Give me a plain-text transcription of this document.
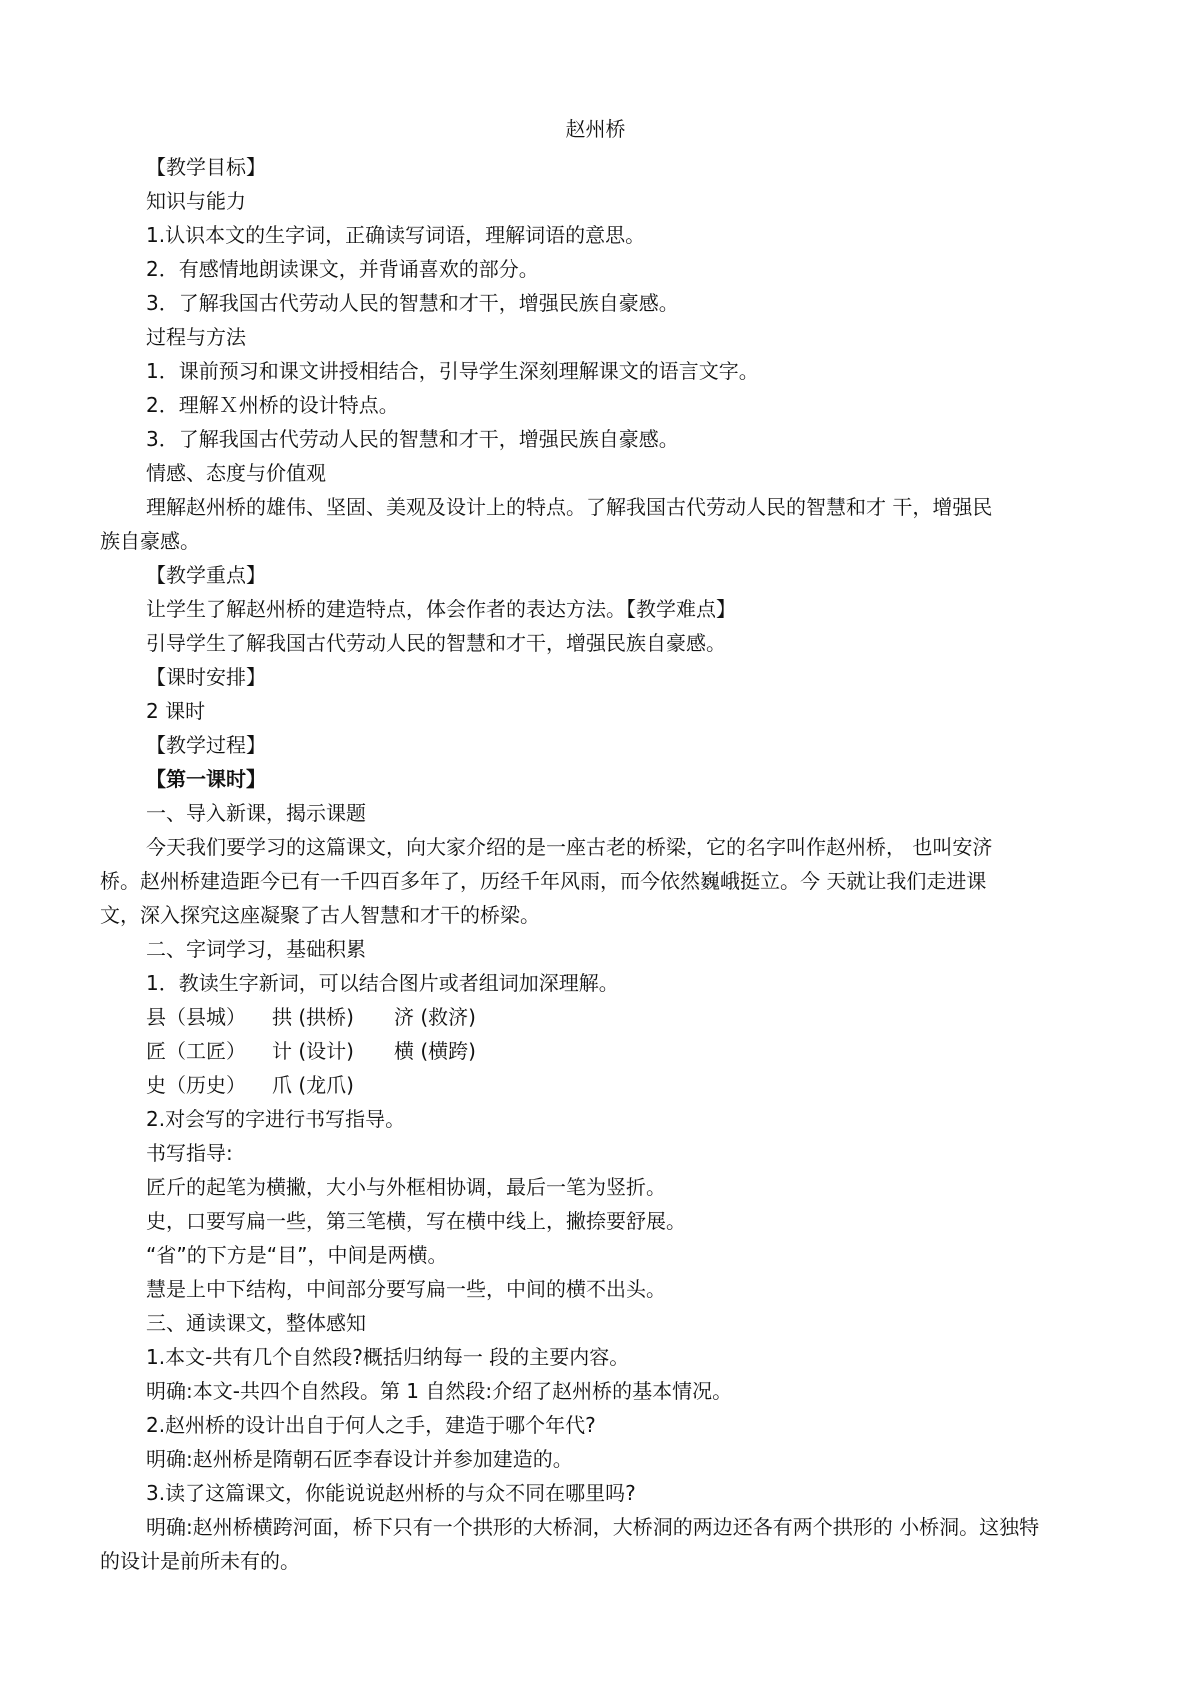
赵州桥
【教学目标】
知识与能力
1.认识本文的生字词，正确读写词语，理解词语的意思。
2．有感情地朗读课文，并背诵喜欢的部分。
3．了解我国古代劳动人民的智慧和才干，增强民族自豪感。
过程与方法
1．课前预习和课文讲授相结合，引导学生深刻理解课文的语言文字。
2．理解Ｘ州桥的设计特点。
3．了解我国古代劳动人民的智慧和才干，增强民族自豪感。
情感、态度与价值观
理解赵州桥的雄伟、坚固、美观及设计上的特点。了解我国古代劳动人民的智慧和才 干，增强民
族自豪感。
【教学重点】
让学生了解赵州桥的建造特点，体会作者的表达方法。【教学难点】
引导学生了解我国古代劳动人民的智慧和才干，增强民族自豪感。
【课时安排】
2 课时
【教学过程】
【第一课时】
一、导入新课，揭示课题
今天我们要学习的这篇课文，向大家介绍的是一座古老的桥梁，它的名字叫作赵州桥， 也叫安济
桥。赵州桥建造距今已有一千四百多年了，历经千年风雨，而今依然巍峨挺立。今 天就让我们走进课
文，深入探究这座凝聚了古人智慧和才干的桥梁。
二、字词学习，基础积累
1．教读生字新词，可以结合图片或者组词加深理解。
县（县城）	拱 (拱桥)	济 (救济)
匠（工匠）	计 (设计)	横 (横跨)
史（历史）	爪 (龙爪)
2.对会写的字进行书写指导。
书写指导:
匠斤的起笔为横撇，大小与外框相协调，最后一笔为竖折。
史，口要写扁一些，第三笔横，写在横中线上，撇捺要舒展。
“省”的下方是“目”，中间是两横。
慧是上中下结构，中间部分要写扁一些，中间的横不出头。
三、通读课文，整体感知
1.本文-共有几个自然段?概括归纳每一 段的主要内容。
明确:本文-共四个自然段。第 1 自然段:介绍了赵州桥的基本情况。
2.赵州桥的设计出自于何人之手，建造于哪个年代?
明确:赵州桥是隋朝石匠李春设计并参加建造的。
3.读了这篇课文，你能说说赵州桥的与众不同在哪里吗?
明确:赵州桥横跨河面，桥下只有一个拱形的大桥洞，大桥洞的两边还各有两个拱形的 小桥洞。这独特
的设计是前所未有的。
